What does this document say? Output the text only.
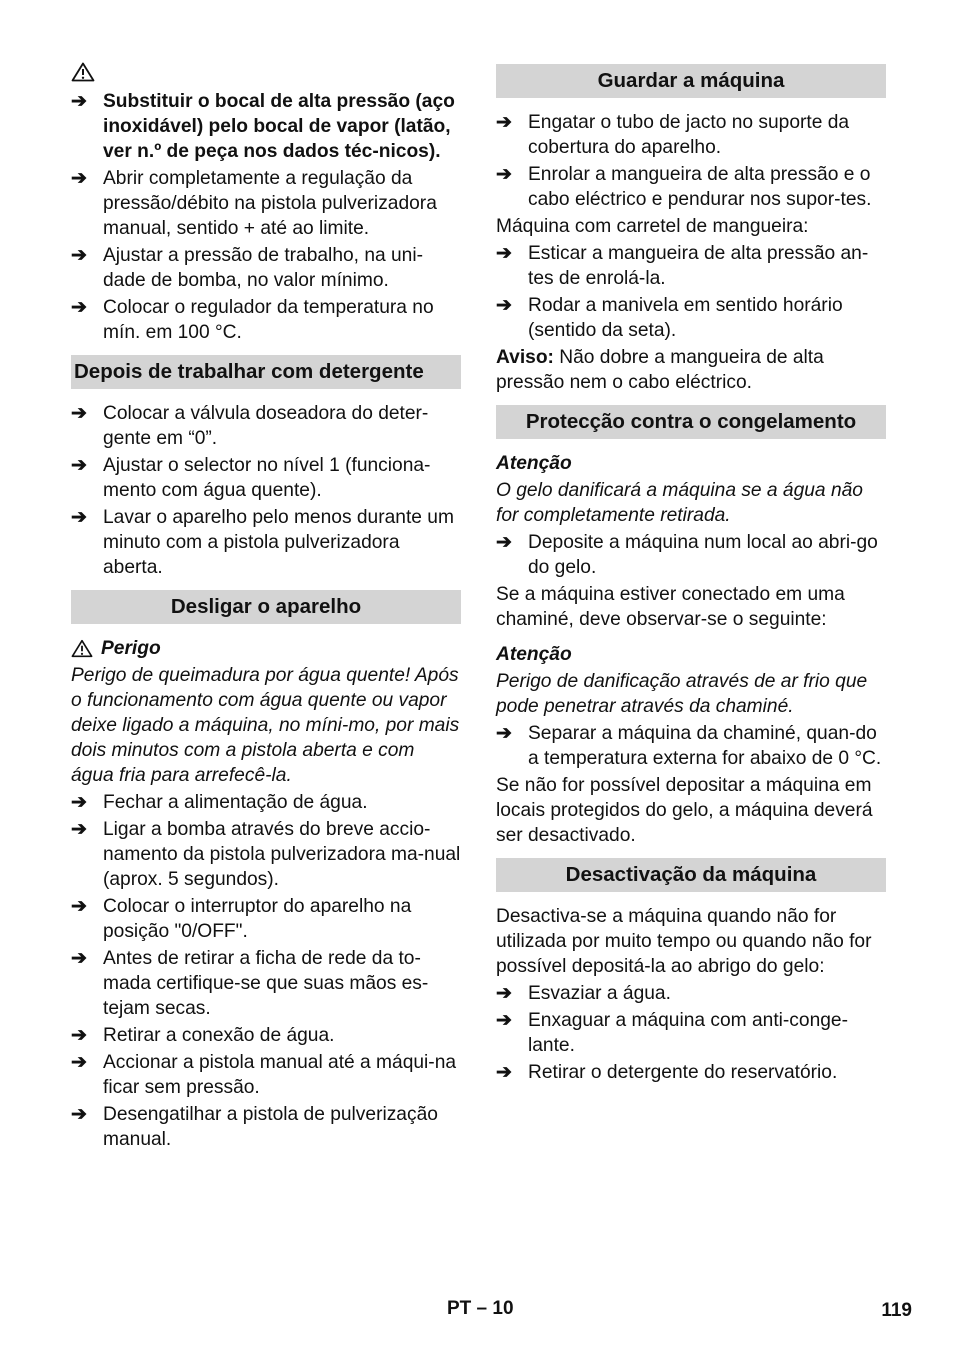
➔ Substituir o bocal de alta pressão (aço inoxidável) pelo bocal de vapor (latão, ver n.º de peça nos dados téc-nicos).
➔ Abrir completamente a regulação da pressão/débito na pistola pulverizadora manual, sentido + até ao limite.
➔ Ajustar a pressão de trabalho, na uni-dade de bomba, no valor mínimo.
➔ Colocar o regulador da temperatura no mín. em 100 °C.
Depois de trabalhar com detergente
➔ Colocar a válvula doseadora do deter-gente em “0”.
➔ Ajustar o selector no nível 1 (funciona-mento com água quente).
➔ Lavar o aparelho pelo menos durante um minuto com a pistola pulverizadora aberta.
Desligar o aparelho
Perigo
Perigo de queimadura por água quente! Após o funcionamento com água quente ou vapor deixe ligado a máquina, no míni-mo, por mais dois minutos com a pistola aberta e com água fria para arrefecê-la.
➔ Fechar a alimentação de água.
➔ Ligar a bomba através do breve accio-namento da pistola pulverizadora ma-nual (aprox. 5 segundos).
➔ Colocar o interruptor do aparelho na posição "0/OFF".
➔ Antes de retirar a ficha de rede da to-mada certifique-se que suas mãos es-tejam secas.
➔ Retirar a conexão de água.
➔ Accionar a pistola manual até a máqui-na ficar sem pressão.
➔ Desengatilhar a pistola de pulverização manual.
Guardar a máquina
➔ Engatar o tubo de jacto no suporte da cobertura do aparelho.
➔ Enrolar a mangueira de alta pressão e o cabo eléctrico e pendurar nos supor-tes.
Máquina com carretel de mangueira:
➔ Esticar a mangueira de alta pressão an-tes de enrolá-la.
➔ Rodar a manivela em sentido horário (sentido da seta).
Aviso: Não dobre a mangueira de alta pressão nem o cabo eléctrico.
Protecção contra o congelamento
Atenção
O gelo danificará a máquina se a água não for completamente retirada.
➔ Deposite a máquina num local ao abri-go do gelo.
Se a máquina estiver conectado em uma chaminé, deve observar-se o seguinte:
Atenção
Perigo de danificação através de ar frio que pode penetrar através da chaminé.
➔ Separar a máquina da chaminé, quan-do a temperatura externa for abaixo de 0 °C.
Se não for possível depositar a máquina em locais protegidos do gelo, a máquina deverá ser desactivado.
Desactivação da máquina
Desactiva-se a máquina quando não for utilizada por muito tempo ou quando não for possível depositá-la ao abrigo do gelo:
➔ Esvaziar a água.
➔ Enxaguar a máquina com anti-conge-lante.
➔ Retirar o detergente do reservatório.
PT – 10	119
